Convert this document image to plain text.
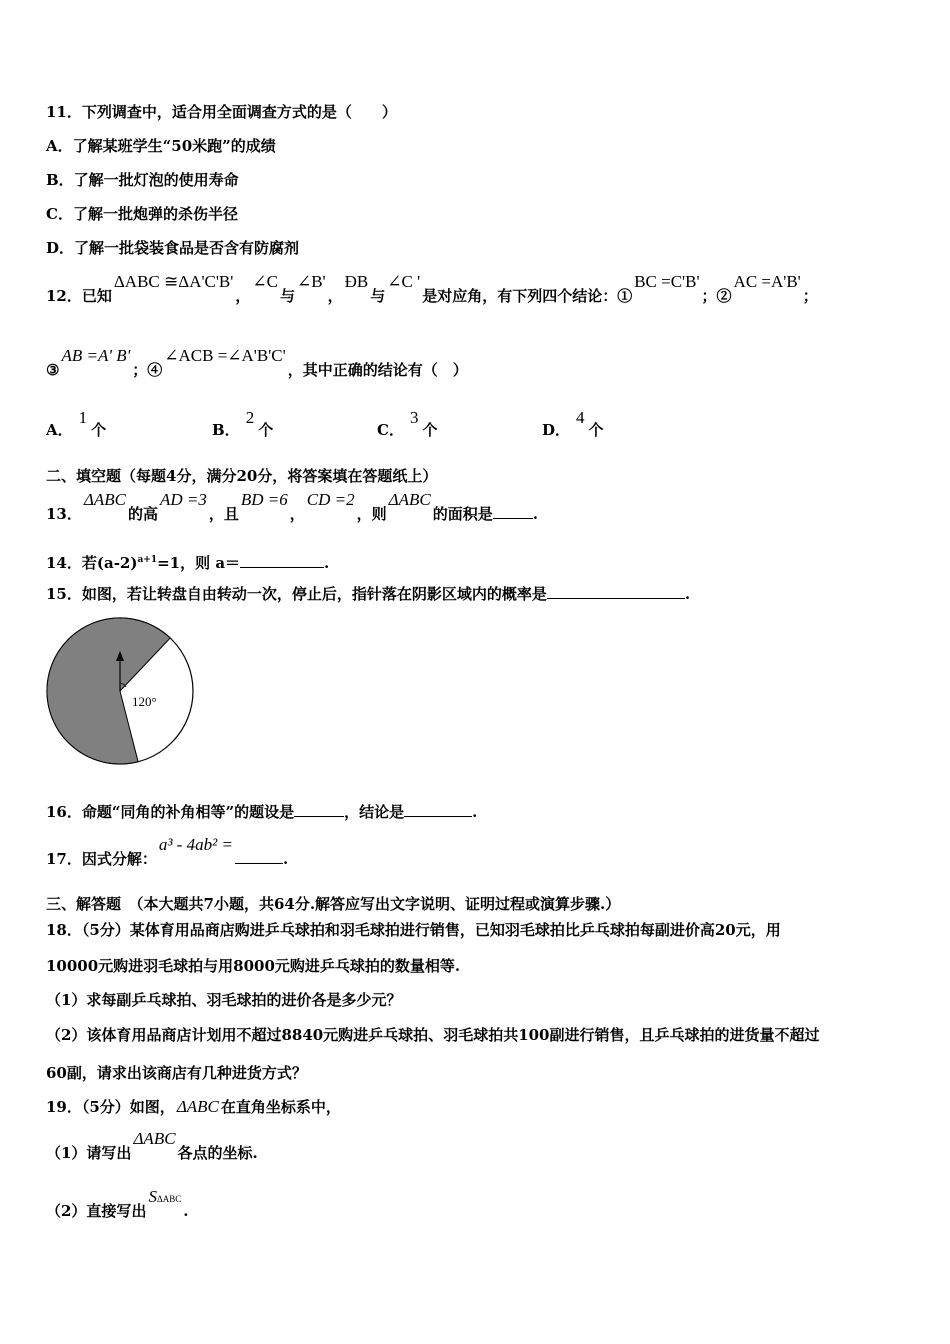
11．下列调查中，适合用全面调查方式的是（　　）
A．了解某班学生“50米跑”的成绩
B．了解一批灯泡的使用寿命
C．了解一批炮弹的杀伤半径
D．了解一批袋装食品是否含有防腐剂
12．已知ΔABC ≅ΔA'C'B'，∠C与∠B'，ÐB与∠C '是对应角，有下列四个结论：①BC =C'B'；②AC =A'B'；
③AB =A' B'；④∠ACB =∠A'B'C'，其中正确的结论有（　）
A．1个	B．2个	C．3个	D．4个
二、填空题（每题4分，满分20分，将答案填在答题纸上）
13．ΔABC的高AD =3，且BD =6，CD =2，则ΔABC的面积是	.
14．若$(a-2)^{a+1}=1$，则 a＝	.
15．如图，若让转盘自由转动一次，停止后，指针落在阴影区域内的概率是	.
120°
16．命题“同角的补角相等”的题设是	，结论是	.
17．因式分解：a³ - 4ab² =.
三、解答题　（本大题共7小题，共64分.解答应写出文字说明、证明过程或演算步骤.）
18．（5分）某体育用品商店购进乒乓球拍和羽毛球拍进行销售，已知羽毛球拍比乒乓球拍每副进价高20元，用
10000元购进羽毛球拍与用8000元购进乒乓球拍的数量相等.
（1）求每副乒乓球拍、羽毛球拍的进价各是多少元？
（2）该体育用品商店计划用不超过8840元购进乒乓球拍、羽毛球拍共100副进行销售，且乒乓球拍的进货量不超过
60副，请求出该商店有几种进货方式？
19．（5分）如图， ΔABC 在直角坐标系中，
（1）请写出ΔABC各点的坐标.
（2）直接写出SΔABC.
